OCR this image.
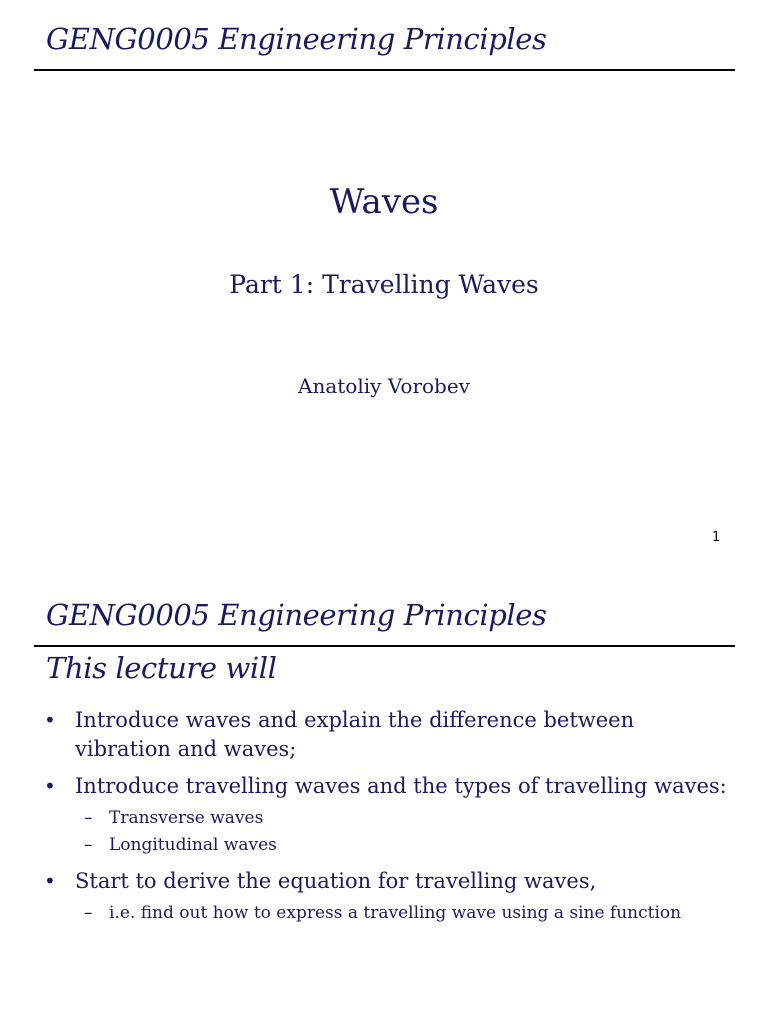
GENG0005 Engineering Principles
Waves
Part 1: Travelling Waves
Anatoliy Vorobev
1
GENG0005 Engineering Principles
This lecture will
• Introduce waves and explain the difference between vibration and waves;
• Introduce travelling waves and the types of travelling waves:
– Transverse waves
– Longitudinal waves
• Start to derive the equation for travelling waves,
– i.e. find out how to express a travelling wave using a sine function
